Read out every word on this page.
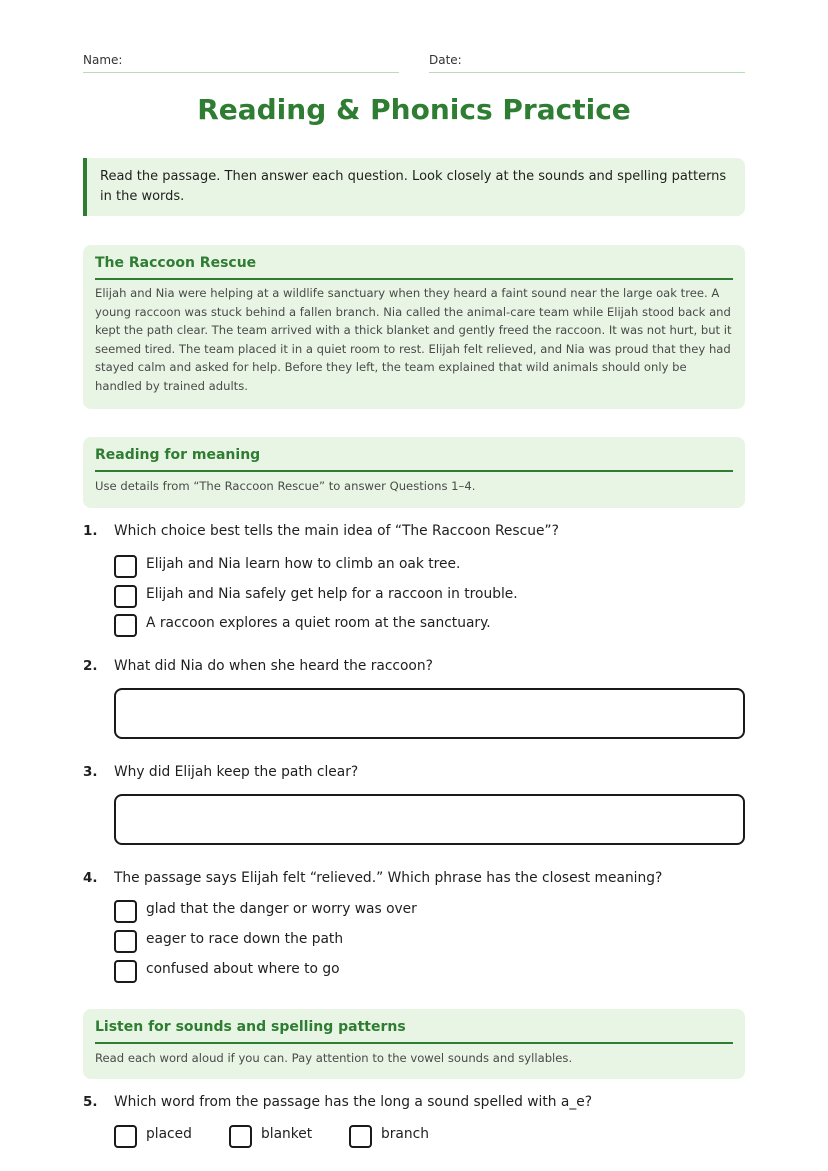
Name:	Date:
Reading & Phonics Practice
Read the passage. Then answer each question. Look closely at the sounds and spelling patterns in the words.
The Raccoon Rescue
Elijah and Nia were helping at a wildlife sanctuary when they heard a faint sound near the large oak tree. A young raccoon was stuck behind a fallen branch. Nia called the animal-care team while Elijah stood back and kept the path clear. The team arrived with a thick blanket and gently freed the raccoon. It was not hurt, but it seemed tired. The team placed it in a quiet room to rest. Elijah felt relieved, and Nia was proud that they had stayed calm and asked for help. Before they left, the team explained that wild animals should only be handled by trained adults.
Reading for meaning
Use details from “The Raccoon Rescue” to answer Questions 1–4.
1. Which choice best tells the main idea of “The Raccoon Rescue”?
Elijah and Nia learn how to climb an oak tree.
Elijah and Nia safely get help for a raccoon in trouble.
A raccoon explores a quiet room at the sanctuary.
2. What did Nia do when she heard the raccoon?
3. Why did Elijah keep the path clear?
4. The passage says Elijah felt “relieved.” Which phrase has the closest meaning?
glad that the danger or worry was over
eager to race down the path
confused about where to go
Listen for sounds and spelling patterns
Read each word aloud if you can. Pay attention to the vowel sounds and syllables.
5. Which word from the passage has the long a sound spelled with a_e?
placed	blanket	branch
